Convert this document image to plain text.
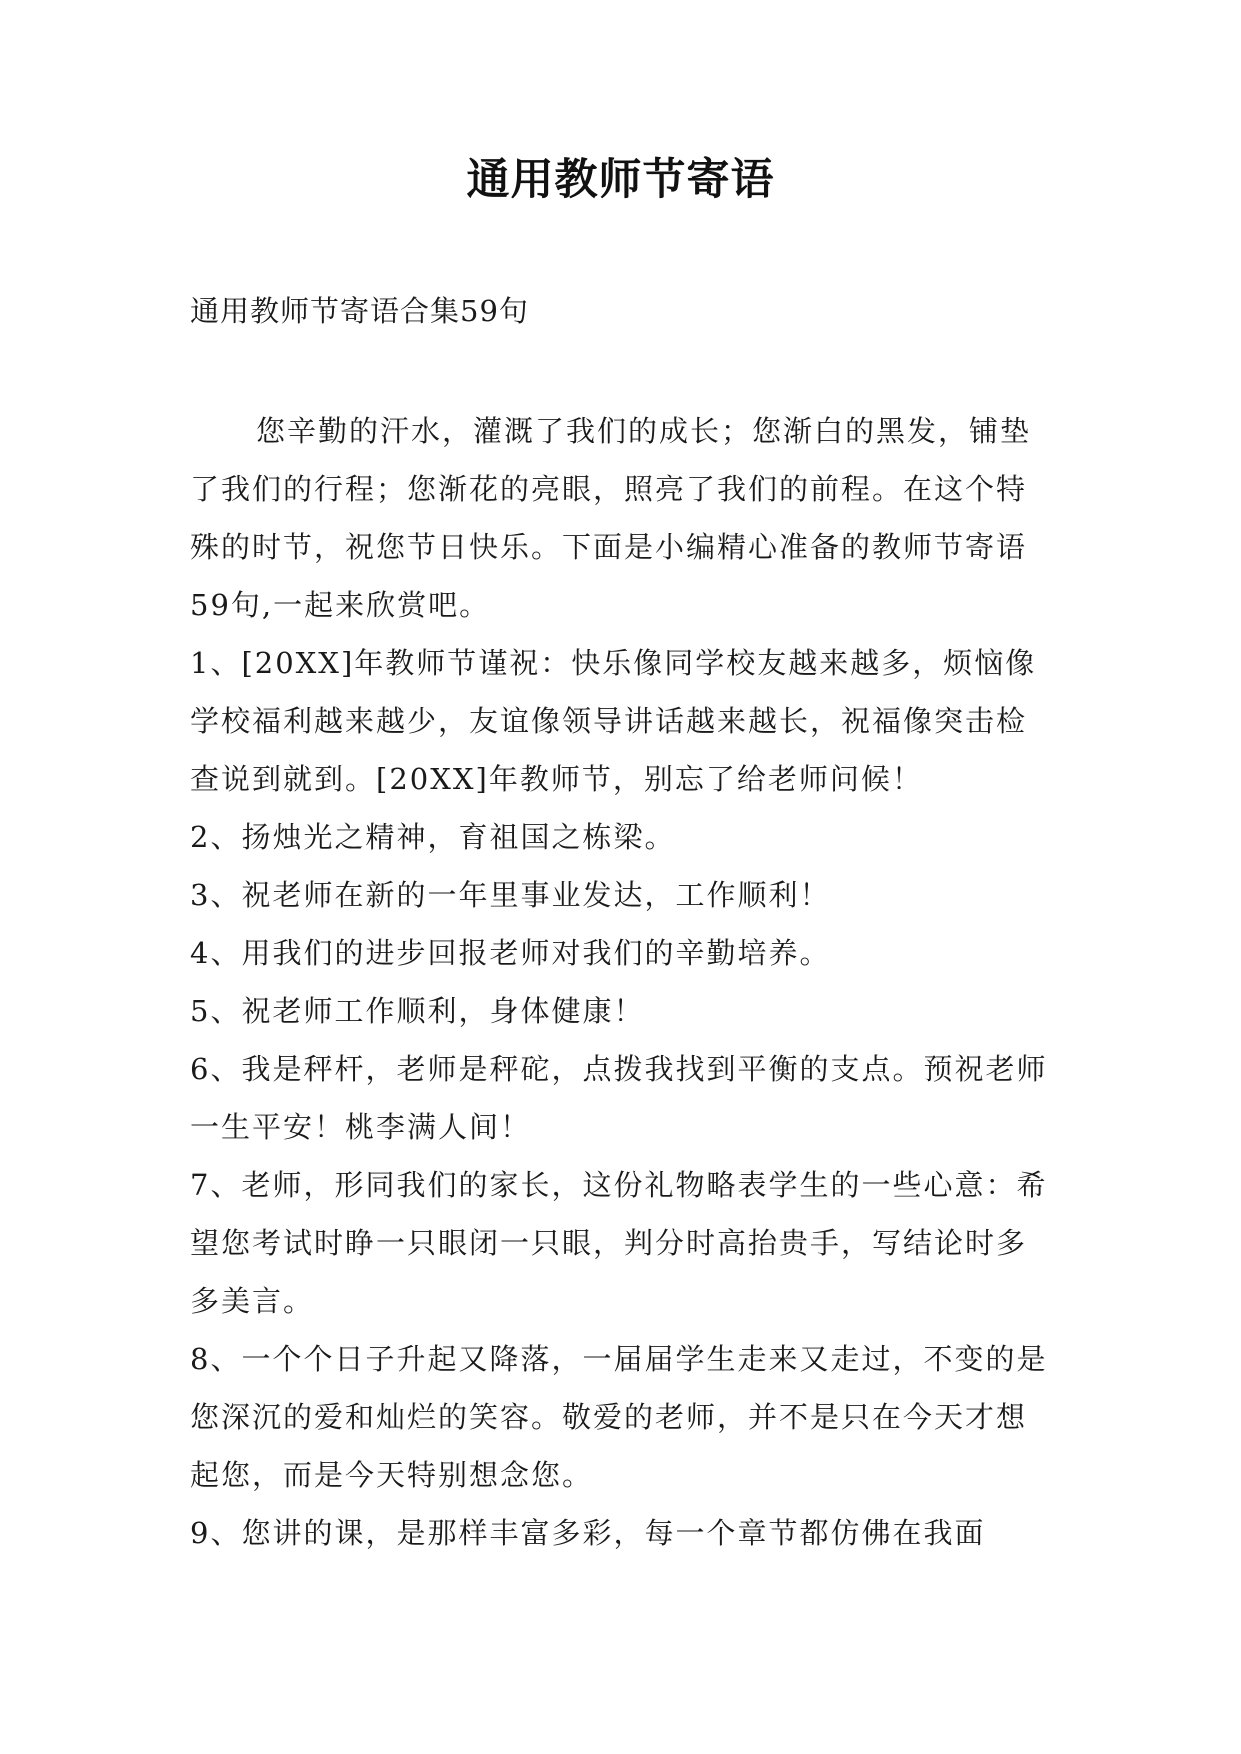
通用教师节寄语

通用教师节寄语合集59句

您辛勤的汗水，灌溉了我们的成长；您渐白的黑发，铺垫了我们的行程；您渐花的亮眼，照亮了我们的前程。在这个特殊的时节，祝您节日快乐。下面是小编精心准备的教师节寄语59句,一起来欣赏吧。

1、[20XX]年教师节谨祝：快乐像同学校友越来越多，烦恼像学校福利越来越少，友谊像领导讲话越来越长，祝福像突击检查说到就到。[20XX]年教师节，别忘了给老师问候！

2、扬烛光之精神，育祖国之栋梁。

3、祝老师在新的一年里事业发达，工作顺利！

4、用我们的进步回报老师对我们的辛勤培养。

5、祝老师工作顺利，身体健康！

6、我是秤杆，老师是秤砣，点拨我找到平衡的支点。预祝老师一生平安！桃李满人间！

7、老师，形同我们的家长，这份礼物略表学生的一些心意：希望您考试时睁一只眼闭一只眼，判分时高抬贵手，写结论时多多美言。

8、一个个日子升起又降落，一届届学生走来又走过，不变的是您深沉的爱和灿烂的笑容。敬爱的老师，并不是只在今天才想起您，而是今天特别想念您。

9、您讲的课，是那样丰富多彩，每一个章节都仿佛在我面
